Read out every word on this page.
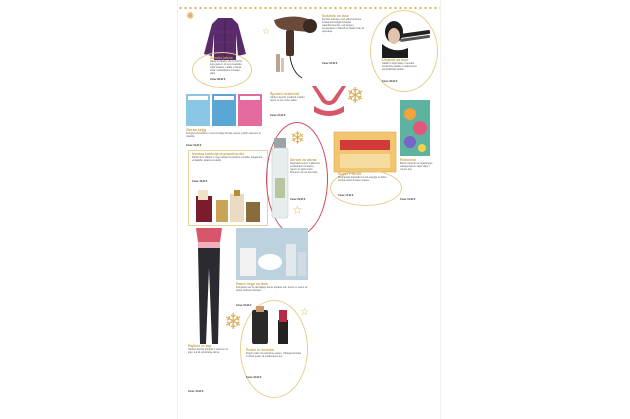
Zimska jakna
Jakna za hladne dni, ki vas bo lepo grela in ob tem poudarila vašo postavo. Lahka, a hkrati topla, vodoodporna zunanja plast.
Cena: 89,90 €
✺
☆
Sušilnik za lase
Za hitro sušenje in lep videz pričeske. Ionska tehnologija zmanjša naelektrenost las, več stopenj temperature in hitrosti ter hladni zrak za utrjevanje.
Cena: 64,90 €
Likalnik za lase
Gladki in sijoči lasje v trenutku. Keramične plošče z enakomerno porazdelitvijo toplote.
Cena: 39,90 €
Zbirka knjig
Komplet priročnikov in revij za dolge zimske večere, polnih nasvetov in navdiha.
Cena: 19,90 €
Športni nederček
Udoben športni modrček z dobro oporo za vse vrste vadbe.
Cena: 24,90 €
❄
Izvrstna kolekcija za praznične dni
Darilni set z dišavo in nego telesa za posebne trenutke. Elegantna embalaža, idealna za darilo.
Cena: 49,90 €
Serum za obraz
Negovalni serum z aktivnimi sestavinami za vlažno, napeto in sijočo kožo. Primeren za vse tipe kože.
Cena: 29,90 €
❄
☆
Super PRESS
Prehransko dopolnilo za več energije in dobro počutje skozi zimske mesece.
Cena: 14,90 €
Rokovnik
Barvit rokovnik za organizacijo vašega časa in zapis ciljev v novem letu.
Cena: 12,90 €
Pajkice in top
Udoben športni komplet z vzorcem za jogo, tek ali sproščanje doma.
Cena: 44,90 €
❄
Paket nege za dom
Kompleten set za razvajanje doma: kopalne soli, kreme in sveče za pravo wellness izkušnjo.
Cena: 34,90 €
☆
Puder in šminka
Popoln videz za praznične večere. Obstojna šminka in lahek puder za enakomeren ten.
Cena: 22,90 €
